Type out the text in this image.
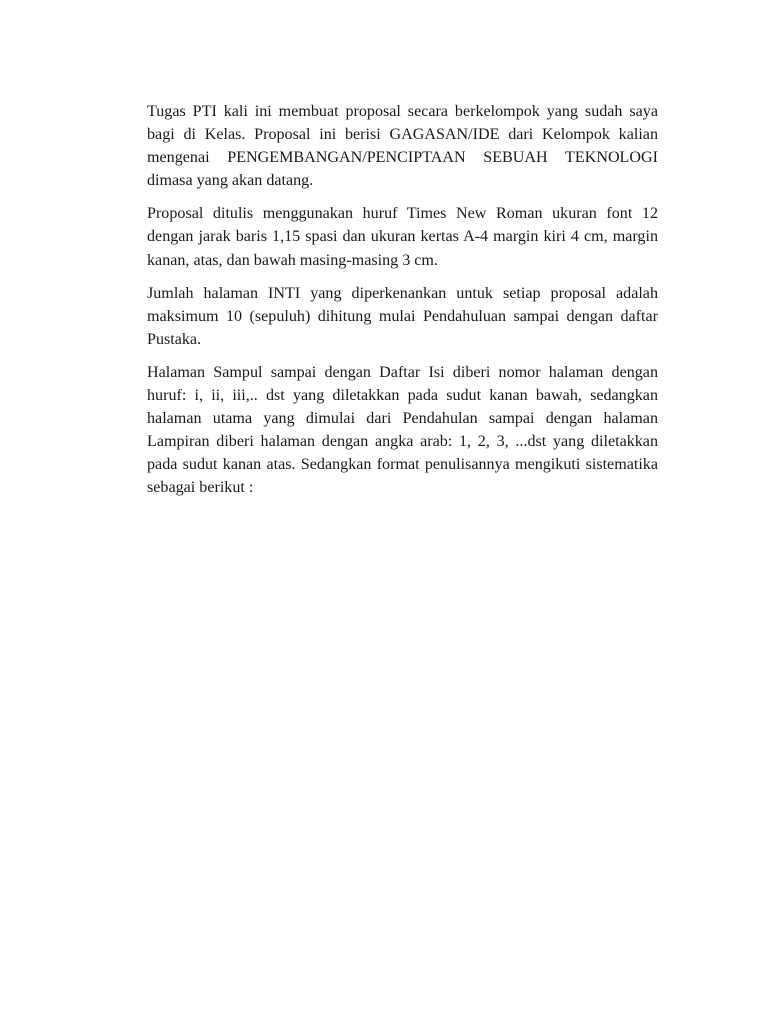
Tugas PTI kali ini membuat proposal secara berkelompok yang sudah saya bagi di Kelas. Proposal ini berisi GAGASAN/IDE dari Kelompok kalian mengenai PENGEMBANGAN/PENCIPTAAN SEBUAH TEKNOLOGI dimasa yang akan datang.

Proposal ditulis menggunakan huruf Times New Roman ukuran font 12 dengan jarak baris 1,15 spasi dan ukuran kertas A-4 margin kiri 4 cm, margin kanan, atas, dan bawah masing-masing 3 cm.

Jumlah halaman INTI yang diperkenankan untuk setiap proposal adalah maksimum 10 (sepuluh) dihitung mulai Pendahuluan sampai dengan daftar Pustaka.

Halaman Sampul sampai dengan Daftar Isi diberi nomor halaman dengan huruf: i, ii, iii,.. dst yang diletakkan pada sudut kanan bawah, sedangkan halaman utama yang dimulai dari Pendahulan sampai dengan halaman Lampiran diberi halaman dengan angka arab: 1, 2, 3, ...dst yang diletakkan pada sudut kanan atas. Sedangkan format penulisannya mengikuti sistematika sebagai berikut :
